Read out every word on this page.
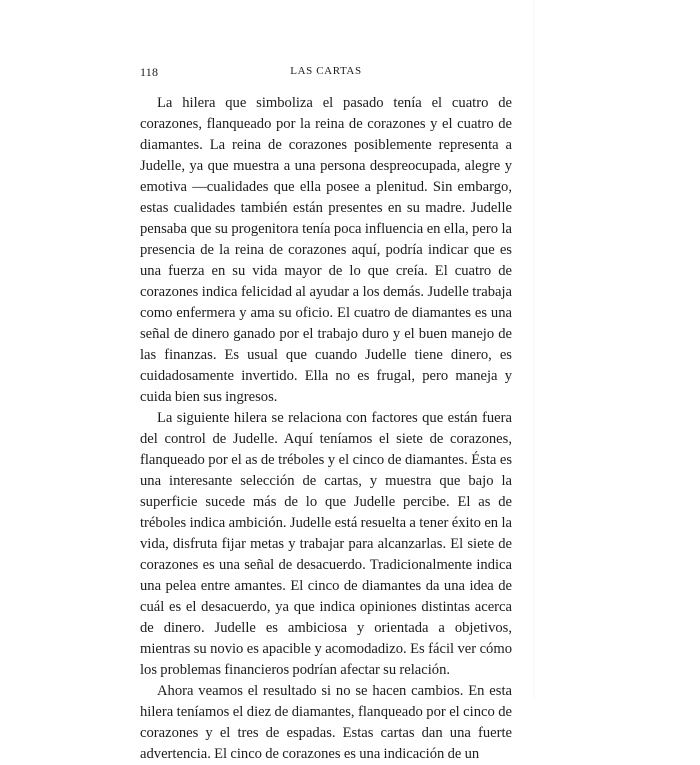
118	LAS CARTAS

La hilera que simboliza el pasado tenía el cuatro de corazones, flanqueado por la reina de corazones y el cuatro de diamantes. La reina de corazones posiblemente representa a Judelle, ya que muestra a una persona despreocupada, alegre y emotiva —cualidades que ella posee a plenitud. Sin embargo, estas cualidades también están presentes en su madre. Judelle pensaba que su progenitora tenía poca influencia en ella, pero la presencia de la reina de corazones aquí, podría indicar que es una fuerza en su vida mayor de lo que creía. El cuatro de corazones indica felicidad al ayudar a los demás. Judelle trabaja como enfermera y ama su oficio. El cuatro de diamantes es una señal de dinero ganado por el trabajo duro y el buen manejo de las finanzas. Es usual que cuando Judelle tiene dinero, es cuidadosamente invertido. Ella no es frugal, pero maneja y cuida bien sus ingresos.

La siguiente hilera se relaciona con factores que están fuera del control de Judelle. Aquí teníamos el siete de corazones, flanqueado por el as de tréboles y el cinco de diamantes. Ésta es una interesante selección de cartas, y muestra que bajo la superficie sucede más de lo que Judelle percibe. El as de tréboles indica ambición. Judelle está resuelta a tener éxito en la vida, disfruta fijar metas y trabajar para alcanzarlas. El siete de corazones es una señal de desacuerdo. Tradicionalmente indica una pelea entre amantes. El cinco de diamantes da una idea de cuál es el desacuerdo, ya que indica opiniones distintas acerca de dinero. Judelle es ambiciosa y orientada a objetivos, mientras su novio es apacible y acomodadizo. Es fácil ver cómo los problemas financieros podrían afectar su relación.

Ahora veamos el resultado si no se hacen cambios. En esta hilera teníamos el diez de diamantes, flanqueado por el cinco de corazones y el tres de espadas. Estas cartas dan una fuerte advertencia. El cinco de corazones es una indicación de un
